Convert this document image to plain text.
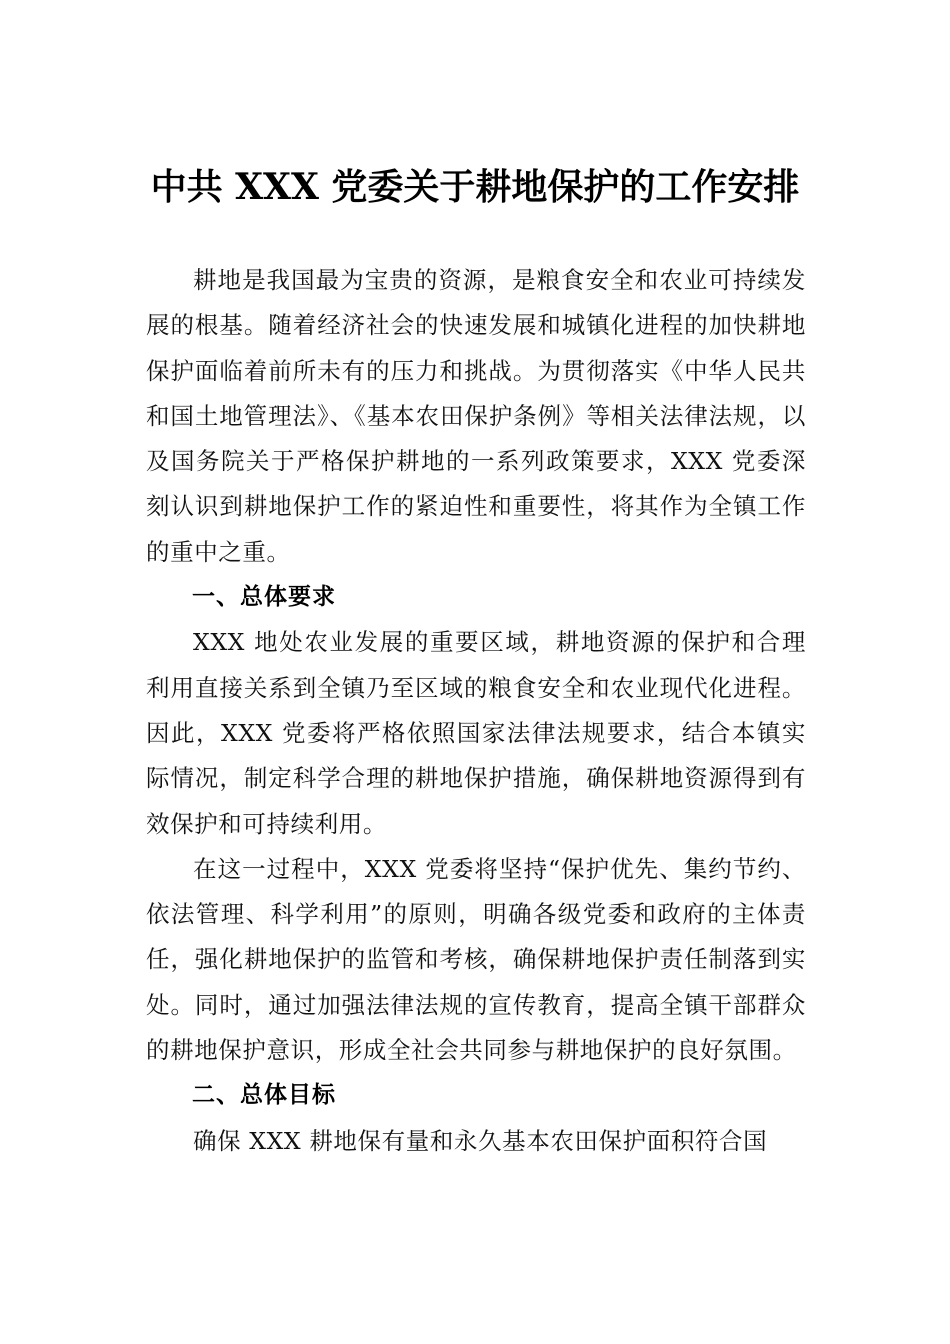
中共 XXX 党委关于耕地保护的工作安排

耕地是我国最为宝贵的资源，是粮食安全和农业可持续发展的根基。随着经济社会的快速发展和城镇化进程的加快耕地保护面临着前所未有的压力和挑战。为贯彻落实《中华人民共和国土地管理法》、《基本农田保护条例》等相关法律法规，以及国务院关于严格保护耕地的一系列政策要求，XXX 党委深刻认识到耕地保护工作的紧迫性和重要性，将其作为全镇工作的重中之重。

一、总体要求

XXX 地处农业发展的重要区域，耕地资源的保护和合理利用直接关系到全镇乃至区域的粮食安全和农业现代化进程。因此，XXX 党委将严格依照国家法律法规要求，结合本镇实际情况，制定科学合理的耕地保护措施，确保耕地资源得到有效保护和可持续利用。

在这一过程中，XXX 党委将坚持“保护优先、集约节约、依法管理、科学利用”的原则，明确各级党委和政府的主体责任，强化耕地保护的监管和考核，确保耕地保护责任制落到实处。同时，通过加强法律法规的宣传教育，提高全镇干部群众的耕地保护意识，形成全社会共同参与耕地保护的良好氛围。

二、总体目标

确保 XXX 耕地保有量和永久基本农田保护面积符合国
